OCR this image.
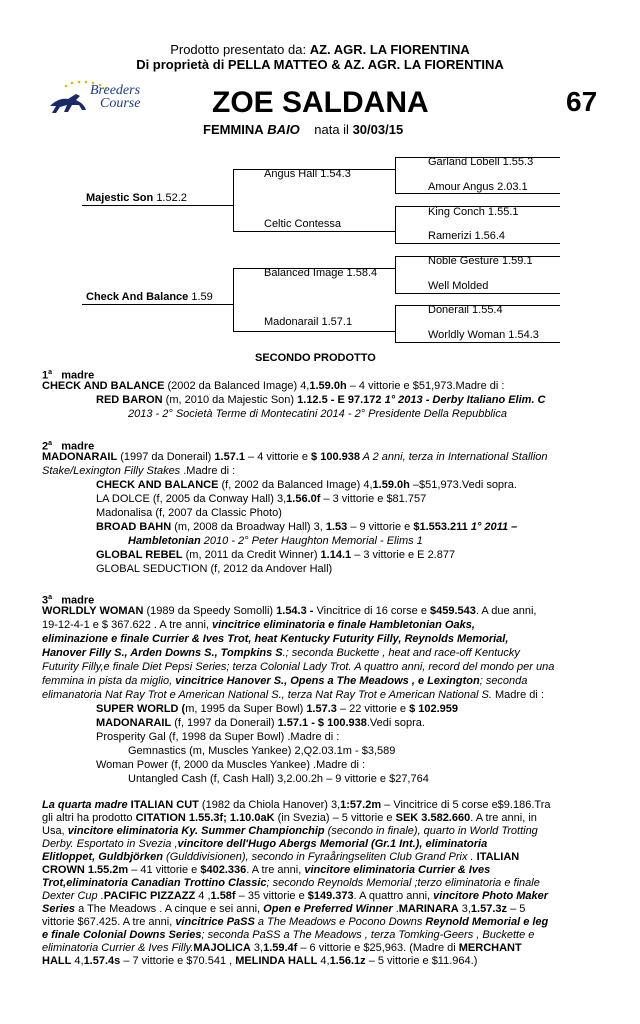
Prodotto presentato da: AZ. AGR. LA FIORENTINA
Di proprietà di PELLA MATTEO & AZ. AGR. LA FIORENTINA
Breeders
Course ZOE SALDANA	67
FEMMINA BAIO nata il 30/03/15
Majestic Son 1.52.2
Check And Balance 1.59
Angus Hall 1.54.3
Celtic Contessa
Balanced Image 1.58.4
Madonarail 1.57.1
Garland Lobell 1.55.3
Amour Angus 2.03.1
King Conch 1.55.1
Ramerizi 1.56.4
Noble Gesture 1.59.1
Well Molded
Donerail 1.55.4
Worldly Woman 1.54.3
SECONDO PRODOTTO
1$^a$ madre
CHECK AND BALANCE (2002 da Balanced Image) 4,1.59.0h – 4 vittorie e $51,973.Madre di :
RED BARON (m, 2010 da Majestic Son) 1.12.5 - E 97.172 1° 2013 - Derby Italiano Elim. C
2013 - 2° Società Terme di Montecatini 2014 - 2° Presidente Della Repubblica
2$^a$ madre
MADONARAIL (1997 da Donerail) 1.57.1 – 4 vittorie e $ 100.938 A 2 anni, terza in International Stallion
Stake/Lexington Filly Stakes .Madre di :
CHECK AND BALANCE (f, 2002 da Balanced Image) 4,1.59.0h –$51,973.Vedi sopra.
LA DOLCE (f, 2005 da Conway Hall) 3,1.56.0f – 3 vittorie e $81.757
Madonalisa (f, 2007 da Classic Photo)
BROAD BAHN (m, 2008 da Broadway Hall) 3, 1.53 – 9 vittorie e $1.553.211 1° 2011 –
Hambletonian 2010 - 2° Peter Haughton Memorial - Elims 1
GLOBAL REBEL (m, 2011 da Credit Winner) 1.14.1 – 3 vittorie e E 2.877
GLOBAL SEDUCTION (f, 2012 da Andover Hall)
3$^a$ madre
WORLDLY WOMAN (1989 da Speedy Somolli) 1.54.3 - Vincitrice di 16 corse e $459.543. A due anni,
19-12-4-1 e $ 367.622 . A tre anni, vincitrice eliminatoria e finale Hambletonian Oaks,
eliminazione e finale Currier & Ives Trot, heat Kentucky Futurity Filly, Reynolds Memorial,
Hanover Filly S., Arden Downs S., Tompkins S.; seconda Buckette , heat and race-off Kentucky
Futurity Filly,e finale Diet Pepsi Series; terza Colonial Lady Trot. A quattro anni, record del mondo per una
femmina in pista da miglio, vincitrice Hanover S., Opens a The Meadows , e Lexington; seconda
elimanatoria Nat Ray Trot e American National S., terza Nat Ray Trot e American National S. Madre di :
SUPER WORLD (m, 1995 da Super Bowl) 1.57.3 – 22 vittorie e $ 102.959
MADONARAIL (f, 1997 da Donerail) 1.57.1 - $ 100.938.Vedi sopra.
Prosperity Gal (f, 1998 da Super Bowl) .Madre di :
Gemnastics (m, Muscles Yankee) 2,Q2.03.1m - $3,589
Woman Power (f, 2000 da Muscles Yankee) .Madre di :
Untangled Cash (f, Cash Hall) 3,2.00.2h – 9 vittorie e $27,764
La quarta madre ITALIAN CUT (1982 da Chiola Hanover) 3,1:57.2m – Vincitrice di 5 corse e$9.186.Tra
gli altri ha prodotto CITATION 1.55.3f; 1.10.0aK (in Svezia) – 5 vittorie e SEK 3.582.660. A tre anni, in
Usa, vincitore eliminatoria Ky. Summer Championchip (secondo in finale), quarto in World Trotting
Derby. Esportato in Svezia ,vincitore dell'Hugo Abergs Memorial (Gr.1 Int.), eliminatoria
Elitloppet, Guldbjörken (Gulddivisionen), secondo in Fyraåringseliten Club Grand Prix . ITALIAN
CROWN 1.55.2m – 41 vittorie e $402.336. A tre anni, vincitore eliminatoria Currier & Ives
Trot,eliminatoria Canadian Trottino Classic; secondo Reynolds Memorial ;terzo eliminatoria e finale
Dexter Cup .PACIFIC PIZZAZZ 4 ,1.58f – 35 vittorie e $149.373. A quattro anni, vincitore Photo Maker
Series a The Meadows . A cinque e sei anni, Open e Preferred Winner .MARINARA 3,1.57.3z – 5
vittorie $67.425. A tre anni, vincitrice PaSS a The Meadows e Pocono Downs Reynold Memorial e leg
e finale Colonial Downs Series; seconda PaSS a The Meadows , terza Tomking-Geers , Buckette e
eliminatoria Currier & Ives Filly.MAJOLICA 3,1.59.4f – 6 vittorie e $25,963. (Madre di MERCHANT
HALL 4,1.57.4s – 7 vittorie e $70.541 , MELINDA HALL 4,1.56.1z – 5 vittorie e $11.964.)
